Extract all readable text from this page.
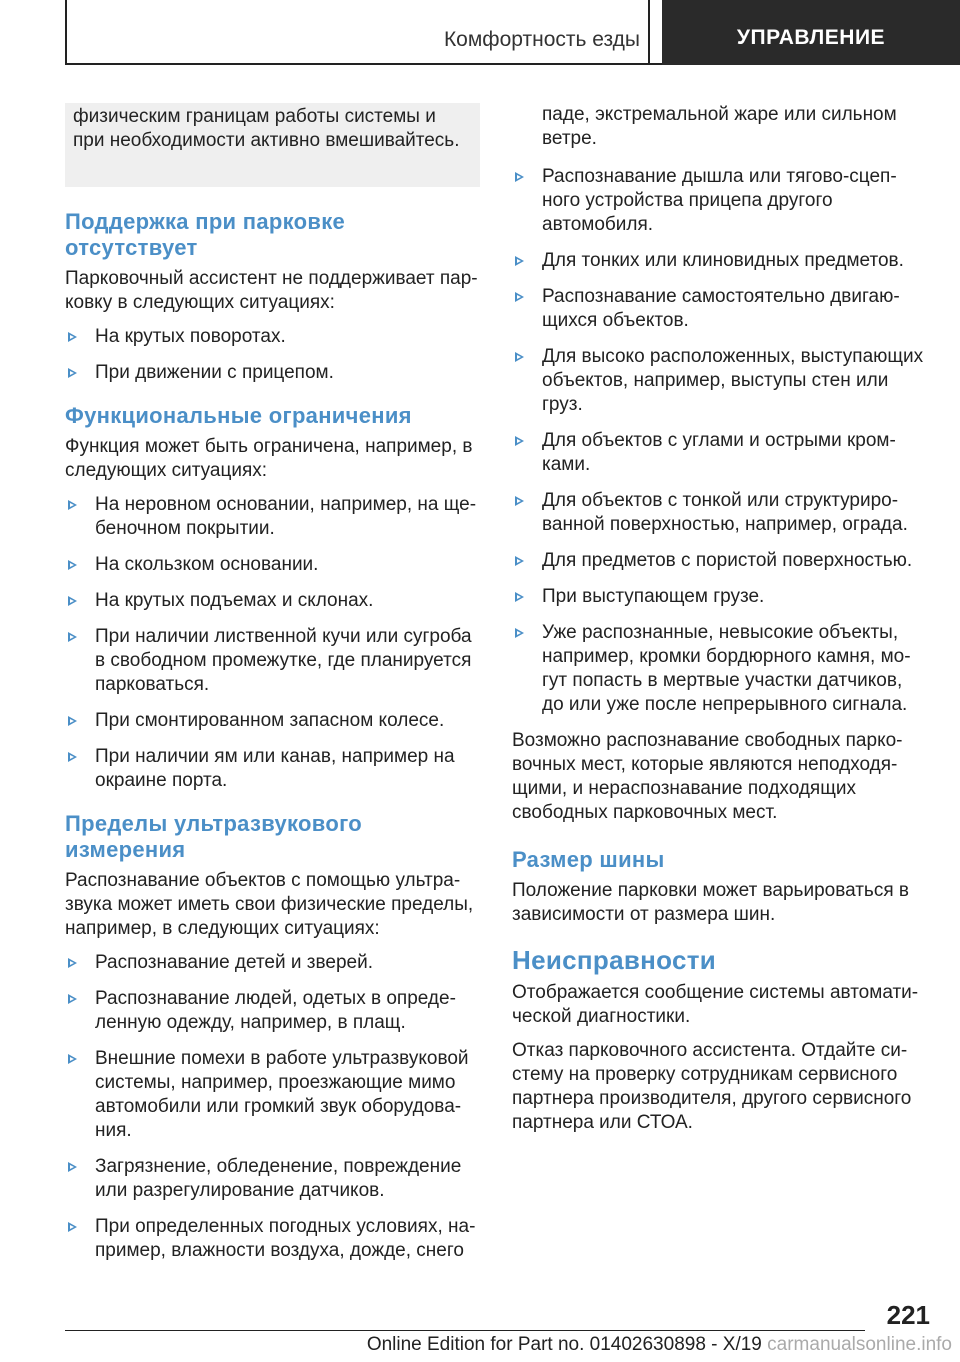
Комфортность езды	УПРАВЛЕНИЕ

физическим границам работы системы и при необходимости активно вмешивайтесь.

Поддержка при парковке отсутствует

Парковочный ассистент не поддерживает парковку в следующих ситуациях:

На крутых поворотах.
При движении с прицепом.
Функциональные ограничения

Функция может быть ограничена, например, в следующих ситуациях:

На неровном основании, например, на щебеночном покрытии.
На скользком основании.
На крутых подъемах и склонах.
При наличии лиственной кучи или сугроба в свободном промежутке, где планируется парковаться.
При смонтированном запасном колесе.
При наличии ям или канав, например на окраине порта.
Пределы ультразвукового измерения

Распознавание объектов с помощью ультразвука может иметь свои физические пределы, например, в следующих ситуациях:

Распознавание детей и зверей.
Распознавание людей, одетых в определенную одежду, например, в плащ.
Внешние помехи в работе ультразвуковой системы, например, проезжающие мимо автомобили или громкий звук оборудования.
Загрязнение, обледенение, повреждение или разрегулирование датчиков.
При определенных погодных условиях, например, влажности воздуха, дожде, снего
паде, экстремальной жаре или сильном ветре.
Распознавание дышла или тягово-сцепного устройства прицепа другого автомобиля.
Для тонких или клиновидных предметов.
Распознавание самостоятельно двигающихся объектов.
Для высоко расположенных, выступающих объектов, например, выступы стен или груз.
Для объектов с углами и острыми кромками.
Для объектов с тонкой или структурированной поверхностью, например, ограда.
Для предметов с пористой поверхностью.
При выступающем грузе.
Уже распознанные, невысокие объекты, например, кромки бордюрного камня, могут попасть в мертвые участки датчиков, до или уже после непрерывного сигнала.

Возможно распознавание свободных парковочных мест, которые являются неподходящими, и нераспознавание подходящих свободных парковочных мест.

Размер шины

Положение парковки может варьироваться в зависимости от размера шин.

Неисправности

Отображается сообщение системы автоматической диагностики.

Отказ парковочного ассистента. Отдайте систему на проверку сотрудникам сервисного партнера производителя, другого сервисного партнера или СТОА.

221
Online Edition for Part no. 01402630898 - X/19 carmanualsonline.info
